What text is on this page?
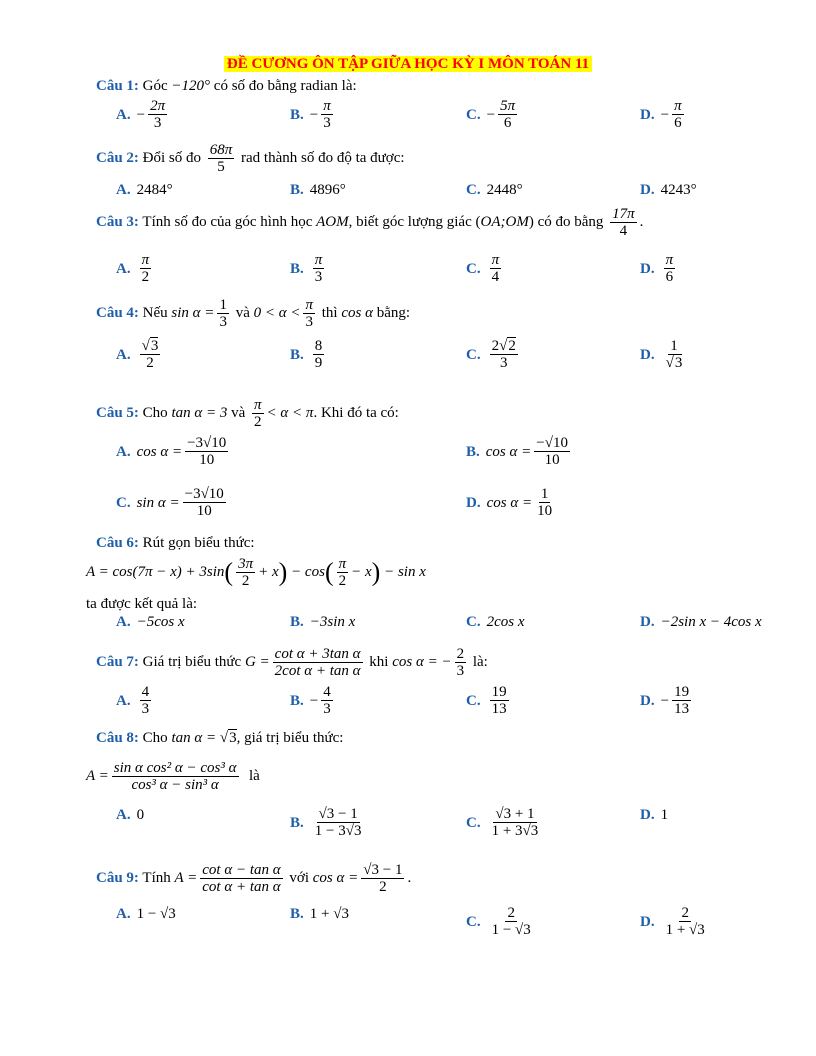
ĐỀ CƯƠNG ÔN TẬP GIỮA HỌC KỲ I MÔN TOÁN 11
Câu 1: Góc −120° có số đo bằng radian là:
A. − $\frac{2\pi}{3}$	B. − $\frac{\pi}{3}$	C. − $\frac{5\pi}{6}$	D. − $\frac{\pi}{6}$
Câu 2: Đổi số đo $\frac{68\pi}{5}$ rad thành số đo độ ta được:
A. 2484°	B. 4896°	C. 2448°	D. 4243°
Câu 3: Tính số đo của góc hình học AOM, biết góc lượng giác (OA;OM) có đo bằng $\frac{17\pi}{4}$ .
A. $\frac{\pi}{2}$	B. $\frac{\pi}{3}$	C. $\frac{\pi}{4}$	D. $\frac{\pi}{6}$
Câu 4: Nếu $\sin \alpha = \frac{1}{3}$ và $0 < \alpha < \frac{\pi}{3}$ thì cos α bằng:
A. $\frac{√3}{2}$	B. $\frac{8}{9}$	C. $\frac{2√2}{3}$	D. $\frac{1}{√3}$
Câu 5: Cho tan α = 3 và $\frac{\pi}{2} < \alpha < \pi$. Khi đó ta có:
A. $\cos \alpha = \frac{-3√10}{10}$	B. $\cos \alpha = \frac{-√10}{10}$
C. $\sin \alpha = \frac{-3√10}{10}$	D. $\cos \alpha = \frac{1}{10}$
Câu 6: Rút gọn biểu thức:
$A = \cos(7\pi - x) + 3\sin( \frac{3\pi}{2} + x) - \cos( \frac{\pi}{2} - x) - \sin x$
ta được kết quả là:
A. −5cos x	B. −3sin x	C. 2cos x	D. −2sin x − 4cos x
Câu 7: Giá trị biểu thức $G = \frac{\text{cot α + 3tan α}}{\text{2cot α + tan α}}$ khi cos α = − $\frac{2}{3}$ là:
A. $\frac{4}{3}$	B. − $\frac{4}{3}$	C. $\frac{19}{13}$	D. − $\frac{19}{13}$
Câu 8: Cho tan α = √3, giá trị biểu thức:
$A = \frac{\text{sin α cos² α − cos³ α}}{\text{cos³ α − sin³ α}}$ là
A. 0	B. $\frac{√3 - 1}{1 - 3√3}$	C. $\frac{√3 + 1}{1 + 3√3}$	D. 1
Câu 9: Tính $A = \frac{\text{cot α − tan α}}{\text{cot α + tan α}}$ với $\cos \alpha = \frac{√3 - 1}{2}$ .
A. 1 − √3	B. 1 + √3	C. $\frac{2}{1 - √3}$	D. $\frac{2}{1 + √3}$
